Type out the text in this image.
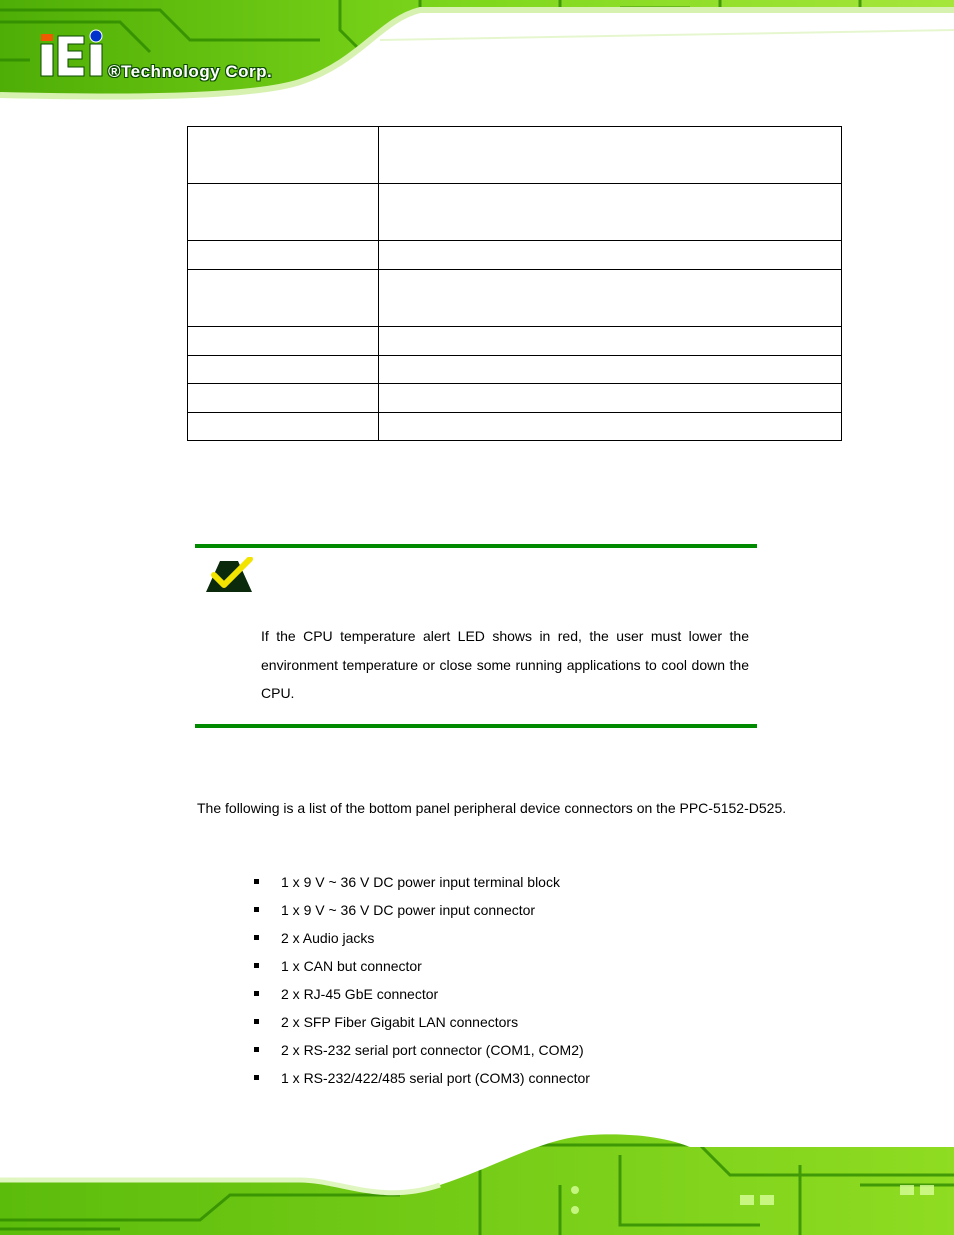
®Technology Corp.

If the CPU temperature alert LED shows in red, the user must lower the environment temperature or close some running applications to cool down the CPU.
The following is a list of the bottom panel peripheral device connectors on the PPC-5152-D525.
1 x 9 V ~ 36 V DC power input terminal block
1 x 9 V ~ 36 V DC power input connector
2 x Audio jacks
1 x CAN but connector
2 x RJ-45 GbE connector
2 x SFP Fiber Gigabit LAN connectors
2 x RS-232 serial port connector (COM1, COM2)
1 x RS-232/422/485 serial port (COM3) connector
